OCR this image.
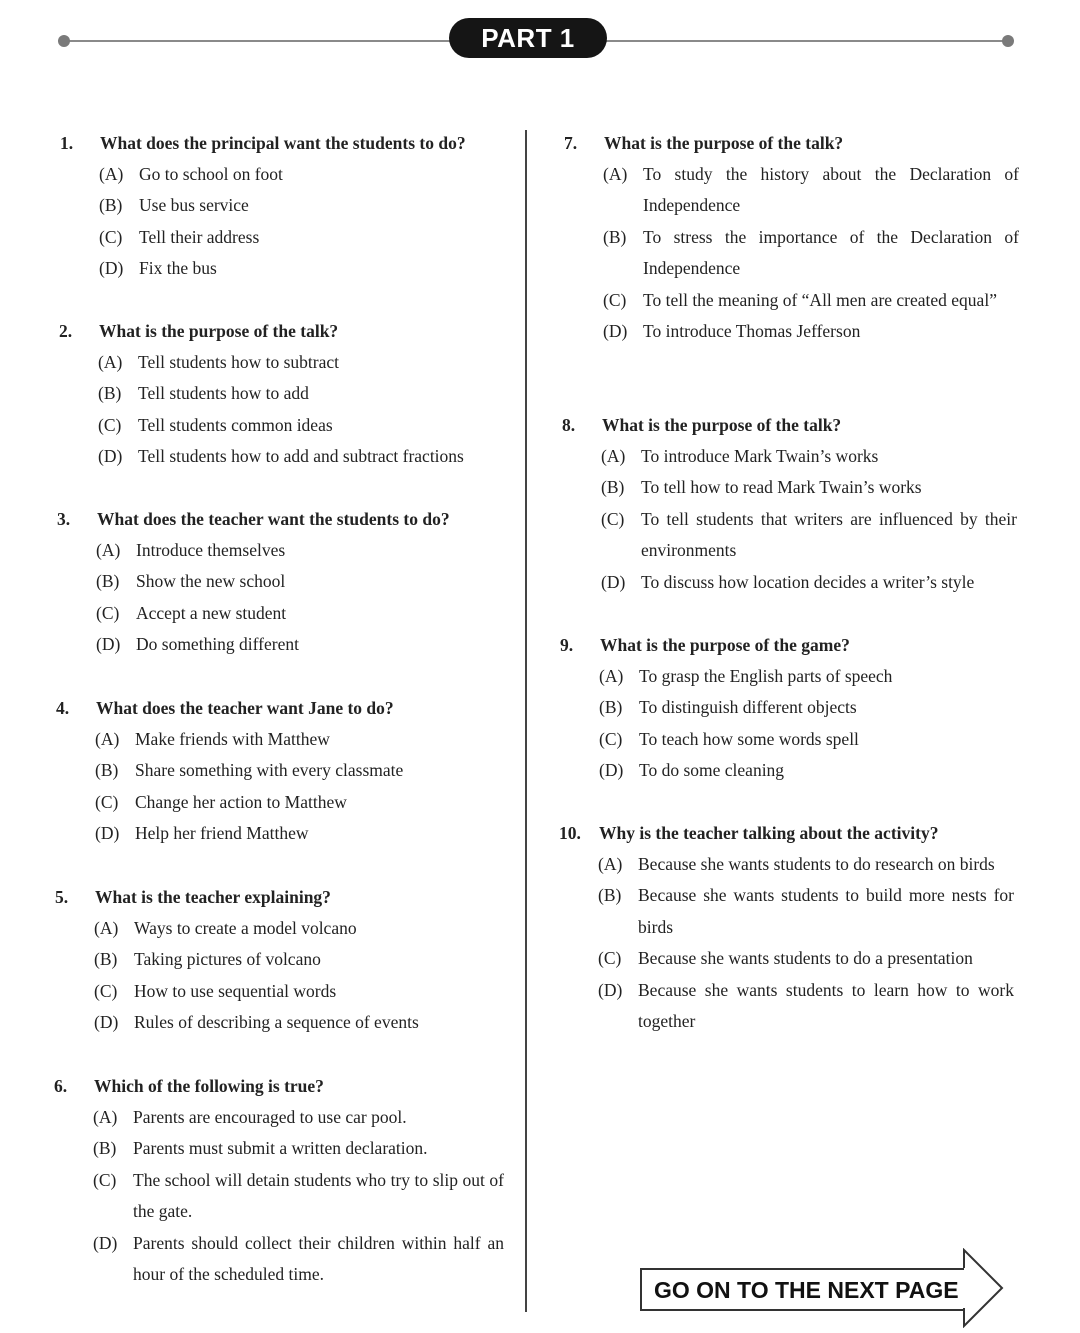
PART 1
1. What does the principal want the students to do?
(A) Go to school on foot
(B) Use bus service
(C) Tell their address
(D) Fix the bus
2. What is the purpose of the talk?
(A) Tell students how to subtract
(B) Tell students how to add
(C) Tell students common ideas
(D) Tell students how to add and subtract fractions
3. What does the teacher want the students to do?
(A) Introduce themselves
(B) Show the new school
(C) Accept a new student
(D) Do something different
4. What does the teacher want Jane to do?
(A) Make friends with Matthew
(B) Share something with every classmate
(C) Change her action to Matthew
(D) Help her friend Matthew
5. What is the teacher explaining?
(A) Ways to create a model volcano
(B) Taking pictures of volcano
(C) How to use sequential words
(D) Rules of describing a sequence of events
6. Which of the following is true?
(A) Parents are encouraged to use car pool.
(B) Parents must submit a written declaration.
(C) The school will detain students who try to slip out of the gate.
(D) Parents should collect their children within half an hour of the scheduled time.
7. What is the purpose of the talk?
(A) To study the history about the Declaration of Independence
(B) To stress the importance of the Declaration of Independence
(C) To tell the meaning of “All men are created equal”
(D) To introduce Thomas Jefferson
8. What is the purpose of the talk?
(A) To introduce Mark Twain’s works
(B) To tell how to read Mark Twain’s works
(C) To tell students that writers are influenced by their environments
(D) To discuss how location decides a writer’s style
9. What is the purpose of the game?
(A) To grasp the English parts of speech
(B) To distinguish different objects
(C) To teach how some words spell
(D) To do some cleaning
10. Why is the teacher talking about the activity?
(A) Because she wants students to do research on birds
(B) Because she wants students to build more nests for birds
(C) Because she wants students to do a presentation
(D) Because she wants students to learn how to work together
GO ON TO THE NEXT PAGE
